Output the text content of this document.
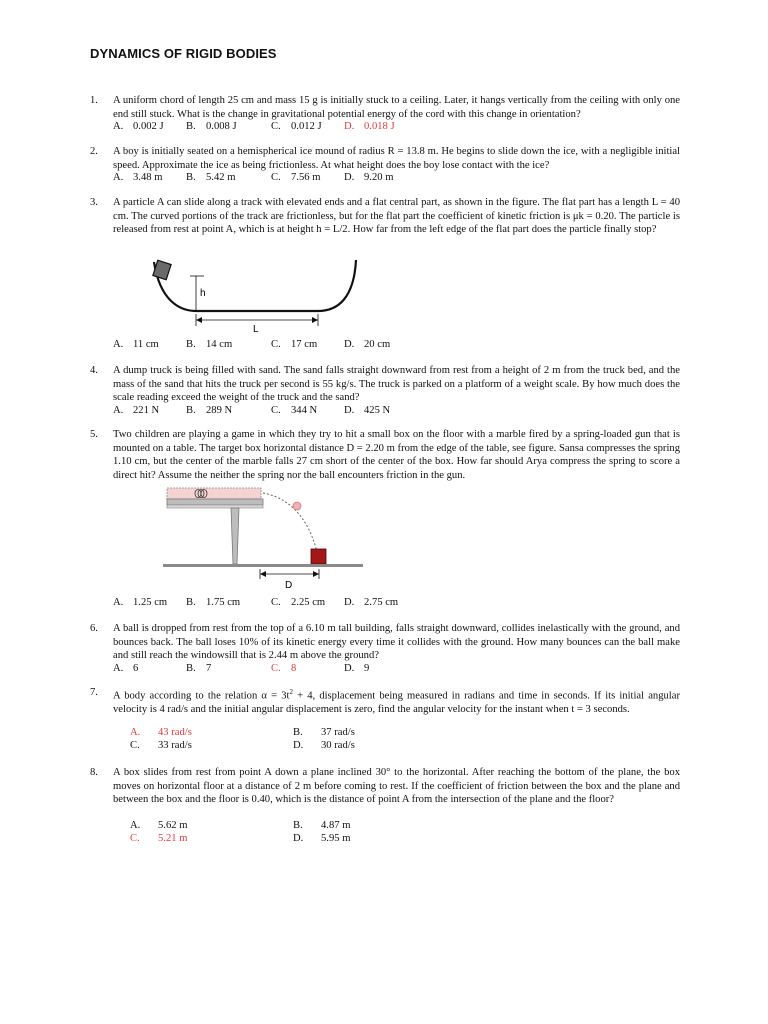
DYNAMICS OF RIGID BODIES
1.	A uniform chord of length 25 cm and mass 15 g is initially stuck to a ceiling. Later, it hangs vertically from the ceiling with only one end still stuck. What is the change in gravitational potential energy of the cord with this change in orientation?
A. 0.002 J B. 0.008 J	C. 0.012 J D. 0.018 J
2.	A boy is initially seated on a hemispherical ice mound of radius R = 13.8 m. He begins to slide down the ice, with a negligible initial speed. Approximate the ice as being frictionless. At what height does the boy lose contact with the ice?
A. 3.48 m B. 5.42 m	C. 7.56 m D. 9.20 m
3.	A particle A can slide along a track with elevated ends and a flat central part, as shown in the figure. The flat part has a length L = 40 cm. The curved portions of the track are frictionless, but for the flat part the coefficient of kinetic friction is μk = 0.20. The particle is released from rest at point A, which is at height h = L/2. How far from the left edge of the flat part does the particle finally stop?
h
L
A. 11 cm	B. 14 cm	C. 17 cm	D. 20 cm
4.	A dump truck is being filled with sand. The sand falls straight downward from rest from a height of 2 m from the truck bed, and the mass of the sand that hits the truck per second is 55 kg/s. The truck is parked on a platform of a weight scale. By how much does the scale reading exceed the weight of the truck and the sand?
A. 221 N	B. 289 N	C. 344 N	D. 425 N
5.	Two children are playing a game in which they try to hit a small box on the floor with a marble fired by a spring-loaded gun that is mounted on a table. The target box horizontal distance D = 2.20 m from the edge of the table, see figure. Sansa compresses the spring 1.10 cm, but the center of the marble falls 27 cm short of the center of the box. How far should Arya compress the spring to score a direct hit? Assume the neither the spring nor the ball encounters friction in the gun.
D
A. 1.25 cm B. 1.75 cm	C. 2.25 cm D. 2.75 cm
6.	A ball is dropped from rest from the top of a 6.10 m tall building, falls straight downward, collides inelastically with the ground, and bounces back. The ball loses 10% of its kinetic energy every time it collides with the ground. How many bounces can the ball make and still reach the windowsill that is 2.44 m above the ground?
A. 6	B. 7	C. 8	D. 9
7.	A body according to the relation $\alpha = 3t^2 + 4$, displacement being measured in radians and time in seconds. If its initial angular velocity is 4 rad/s and the initial angular displacement is zero, find the angular velocity for the instant when t = 3 seconds.
A. 43 rad/s	B. 37 rad/s
C. 33 rad/s	D. 30 rad/s
8.	A box slides from rest from point A down a plane inclined 30° to the horizontal. After reaching the bottom of the plane, the box moves on horizontal floor at a distance of 2 m before coming to rest. If the coefficient of friction between the box and the plane and between the box and the floor is 0.40, which is the distance of point A from the intersection of the plane and the floor?
A. 5.62 m	B. 4.87 m
C. 5.21 m	D. 5.95 m
